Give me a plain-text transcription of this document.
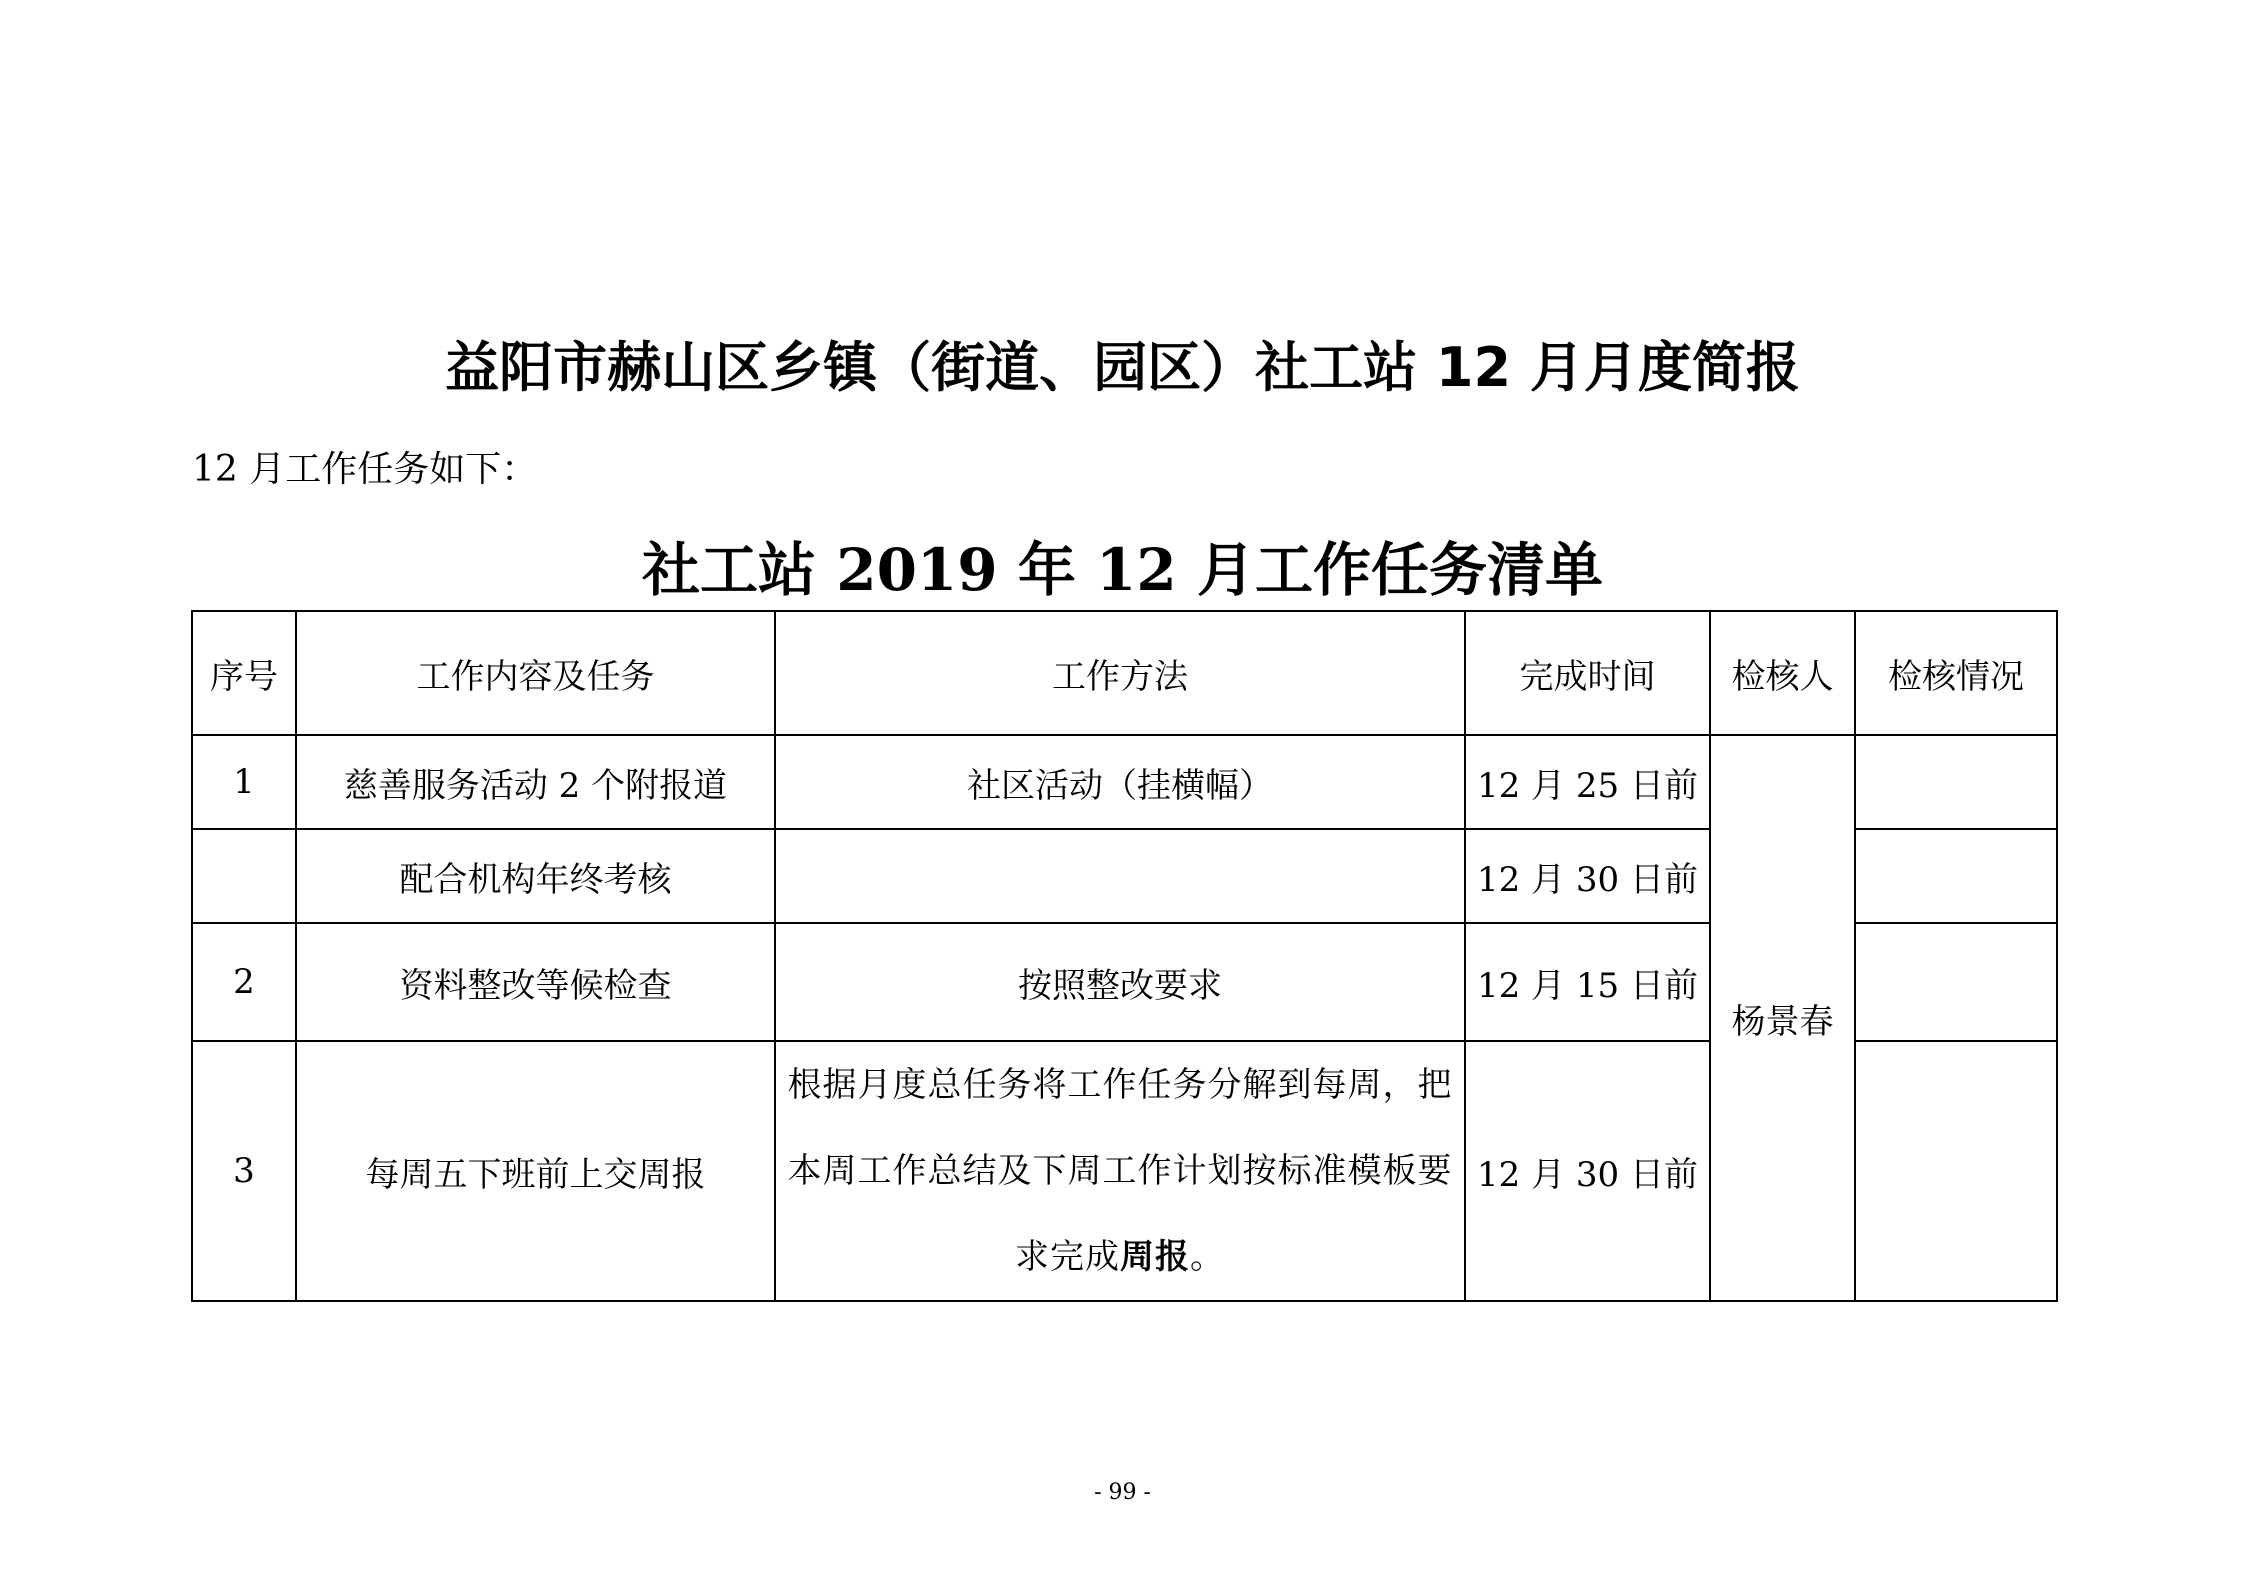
益阳市赫山区乡镇（街道、园区）社工站 12 月月度简报

12 月工作任务如下：

社工站 2019 年 12 月工作任务清单
序号	工作内容及任务	工作方法	完成时间	检核人	检核情况
1	慈善服务活动 2 个附报道	社区活动（挂横幅）	12 月 25 日前	杨景春	
	配合机构年终考核		12 月 30 日前		
2	资料整改等候检查	按照整改要求	12 月 15 日前		
3	每周五下班前上交周报	根据月度总任务将工作任务分解到每周，把本周工作总结及下周工作计划按标准模板要求完成周报。	12 月 30 日前		

- 99 -
